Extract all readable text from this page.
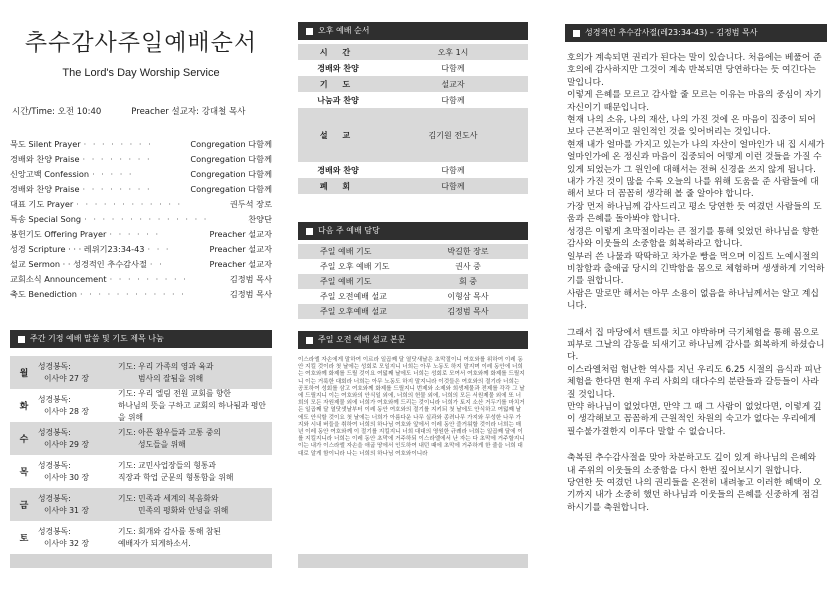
추수감사주일예배순서
The Lord's Day Worship Service
시간/Time: 오전 10:40	Preacher 설교자: 강대철 목사
묵도 Silent Prayer · · · · · · · ·	Congregation 다함께
경배와 찬양 Praise · · · · · · · ·	Congregation 다함께
신앙고백 Confession · · · · ·	Congregation 다함께
경배와 찬양 Praise · · · · · · · ·	Congregation 다함께
대표 기도 Prayer · · · · · · · · · · · ·	권두석 장로
특송 Special Song · · · · · · · · · · · · · ·	찬양단
봉헌기도 Offering Prayer · · · · · ·	Preacher 설교자
성경 Scripture · · · 레위기23:34-43 · · ·	Preacher 설교자
설교 Sermon · · 성경적인 추수감사절 · ·	Preacher 설교자
교회소식 Announcement · · · · · · · · ·	김정범 목사
축도 Benediction · · · · · · · · · · · ·	김정범 목사
주간 기정 예배 말씀 및 기도 제목 나눔
월
성경봉독:
이사야 27 장
기도: 우리 가족의 영과 육과
범사의 잘됨을 위해
화
성경봉독:
이사야 28 장
기도: 우리 엘림 전원 교회를 향한
하나님의 뜻을 구하고 교회의 하나됨과 평안을 위해
수
성경봉독:
이사야 29 장
기도: 아픈 환우들과 고통 중의
성도들을 위해
목
성경봉독:
이사야 30 장
기도: 교민사업장들의 형통과
직장과 학업 군문의 형통함을 위해
금
성경봉독:
이사야 31 장
기도: 민족과 세계의 복음화와
민족의 평화와 안녕을 위해
토
성경봉독:
이사야 32 장
기도: 회개와 감사를 통해 참된
예배자가 되게하소서.
오후 예배 순서
시 간	오후 1시
경배와 찬양	다함께
기 도	설교자
나눔과 찬양	다함께
설 교	김기원 전도사
경배와 찬양	다함께
폐 회	다함께
다음 주 예배 담당
주일 예배 기도	박길한 장로
주일 오후 예배 기도	권사 중
주일 예배 기도	회 중
주일 오전예배 설교	이형삼 목사
주일 오후예배 설교	김정범 목사
주일 오전 예배 설교 본문
이스라엘 자손에게 말하여 이르라 일곱째 달 열닷새날은 초막절이니 여호와를 위하여 이레 동안 지킬 것이라 첫 날에는 성회로 모일지니 너희는 아무 노동도 하지 말지며 이레 동안에 너희는 여호와께 화제를 드릴 것이요 여덟째 날에도 너희는 성회로 모여서 여호와께 화제를 드릴지니 이는 거룩한 대회라 너희는 아무 노동도 하지 말지니라 이것들은 여호와의 절기라 너희는 공포하여 성회를 삼고 여호와께 화제를 드릴지니 번제와 소제와 희생제물과 전제를 각각 그 날에 드릴지니 이는 여호와의 안식일 외에, 너희의 헌물 외에, 너희의 모든 서원제물 외에 또 너희의 모든 자원제물 외에 너희가 여호와께 드리는 것이니라 너희가 토지 소산 거두기를 마치거든 일곱째 달 열닷샛날부터 이레 동안 여호와의 절기를 지키되 첫 날에도 안식하고 여덟째 날에도 안식할 것이요 첫 날에는 너희가 아름다운 나무 실과와 종려나무 가지와 무성한 나무 가지와 시내 버들을 취하여 너희의 하나님 여호와 앞에서 이레 동안 즐거워할 것이라 너희는 매년 이레 동안 여호와께 이 절기를 지킬지니 너희 대대의 영원한 규례라 너희는 일곱째 달에 이를 지킬지니라 너희는 이레 동안 초막에 거주하되 이스라엘에서 난 자는 다 초막에 거주할지니 이는 내가 이스라엘 자손을 애굽 땅에서 인도하여 내던 때에 초막에 거주하게 한 줄을 너희 대대로 알게 함이니라 나는 너희의 하나님 여호와이니라
성경적인 추수감사절(레23:34-43) – 김정범 목사

호의가 계속되면 권리가 된다는 말이 있습니다. 처음에는 베풀어 준 호의에 감사하지만 그것이 계속 반복되면 당연하다는 듯 여긴다는 말입니다.

이렇게 은혜를 모르고 감사할 줄 모르는 이유는 마음의 중심이 자기 자신이기 때문입니다.

현재 나의 소유, 나의 재산, 나의 가진 것에 온 마음이 집중이 되어 보다 근본적이고 원인적인 것을 잊어버리는 것입니다.

현재 내가 얼마를 가지고 있는가 나의 자산이 얼마인가 내 집 시세가 얼마인가에 온 정신과 마음이 집중되어 어떻게 이런 것들을 가질 수 있게 되었는가 그 원인에 대해서는 전혀 신경을 쓰지 않게 됩니다.

내가 가진 것이 많을 수록 오늘의 나를 위해 도움을 준 사람들에 대해서 보다 더 꼼꼼히 생각해 볼 줄 알아야 합니다.

가장 먼저 하나님께 감사드리고 평소 당연한 듯 여겼던 사람들의 도움과 은혜를 돌아봐야 합니다.

성경은 이렇게 초막절이라는 큰 절기를 통해 잊었던 하나님을 향한 감사와 이웃들의 소중함을 회복하라고 합니다.

일부러 쓴 나물과 딱딱하고 차가운 빵을 먹으며 이집트 노예시절의 비참함과 출애굽 당시의 긴박함을 몸으로 체험하며 생생하게 기억하기를 원합니다.

사람은 말로만 해서는 아무 소용이 없음을 하나님께서는 알고 계십니다.

그래서 집 마당에서 텐트를 치고 야박하며 극기체험을 통해 몸으로 피부로 그날의 감동을 되새기고 하나님께 감사를 회복하게 하셨습니다.

이스라엘처럼 험난한 역사를 지닌 우리도 6.25 시절의 음식과 피난 체험을 한다면 현재 우리 사회의 대다수의 분란들과 갈등들이 사라질 것입니다.

만약 하나님이 없었다면, 만약 그 때 그 사람이 없었다면, 이렇게 깊이 생각해보고 꼼꼼하게 근원적인 차원의 숙고가 없다는 우리에게 필수불가결한지 이루다 말할 수 없습니다.

축복된 추수감사절을 맞아 차분하고도 깊이 있게 하나님의 은혜와 내 주위의 이웃들의 소중함을 다시 한번 짚어보시기 원합니다.

당연한 듯 여겼던 나의 권리들을 온전히 내려놓고 이러한 혜택이 오기까지 내가 소중히 했던 하나님과 이웃들의 은혜를 신중하게 점검하시기를 축원합니다.
